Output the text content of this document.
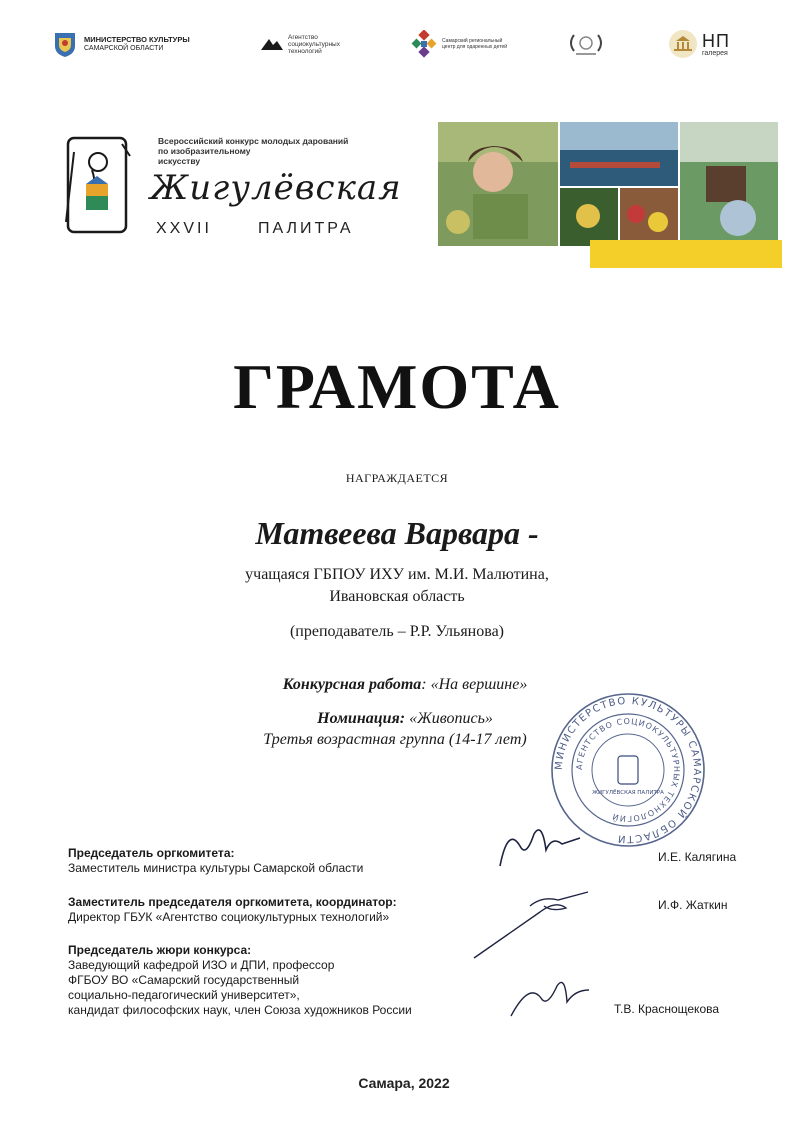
МИНИСТЕРСТВО КУЛЬТУРЫ
САМАРСКОЙ ОБЛАСТИ
Агентство
социокультурных
технологий
Самарский региональный центр для одаренных детей	НП
галерея
Всероссийский конкурс молодых дарований
по изобразительному
искусству
Жигулёвская
XXVII	ПАЛИТРА
ГРАМОТА
НАГРАЖДАЕТСЯ
Матвеева Варвара -
учащаяся ГБПОУ ИХУ им. М.И. Малютина,
Ивановская область
(преподаватель – Р.Р. Ульянова)
Конкурсная работа: «На вершине»
Номинация: «Живопись»
Третья возрастная группа (14-17 лет)
МИНИСТЕРСТВО КУЛЬТУРЫ САМАРСКОЙ ОБЛАСТИ
АГЕНТСТВО СОЦИОКУЛЬТУРНЫХ ТЕХНОЛОГИЙ
ЖИГУЛЁВСКАЯ ПАЛИТРА
Председатель оргкомитета:
Заместитель министра культуры Самарской области
И.Е. Калягина
Заместитель председателя оргкомитета, координатор:
Директор ГБУК «Агентство социокультурных технологий»
И.Ф. Жаткин
Председатель жюри конкурса:
Заведующий кафедрой ИЗО и ДПИ, профессор
ФГБОУ ВО «Самарский государственный
социально-педагогический университет»,
кандидат философских наук, член Союза художников России	Т.В. Краснощекова
Самара, 2022
